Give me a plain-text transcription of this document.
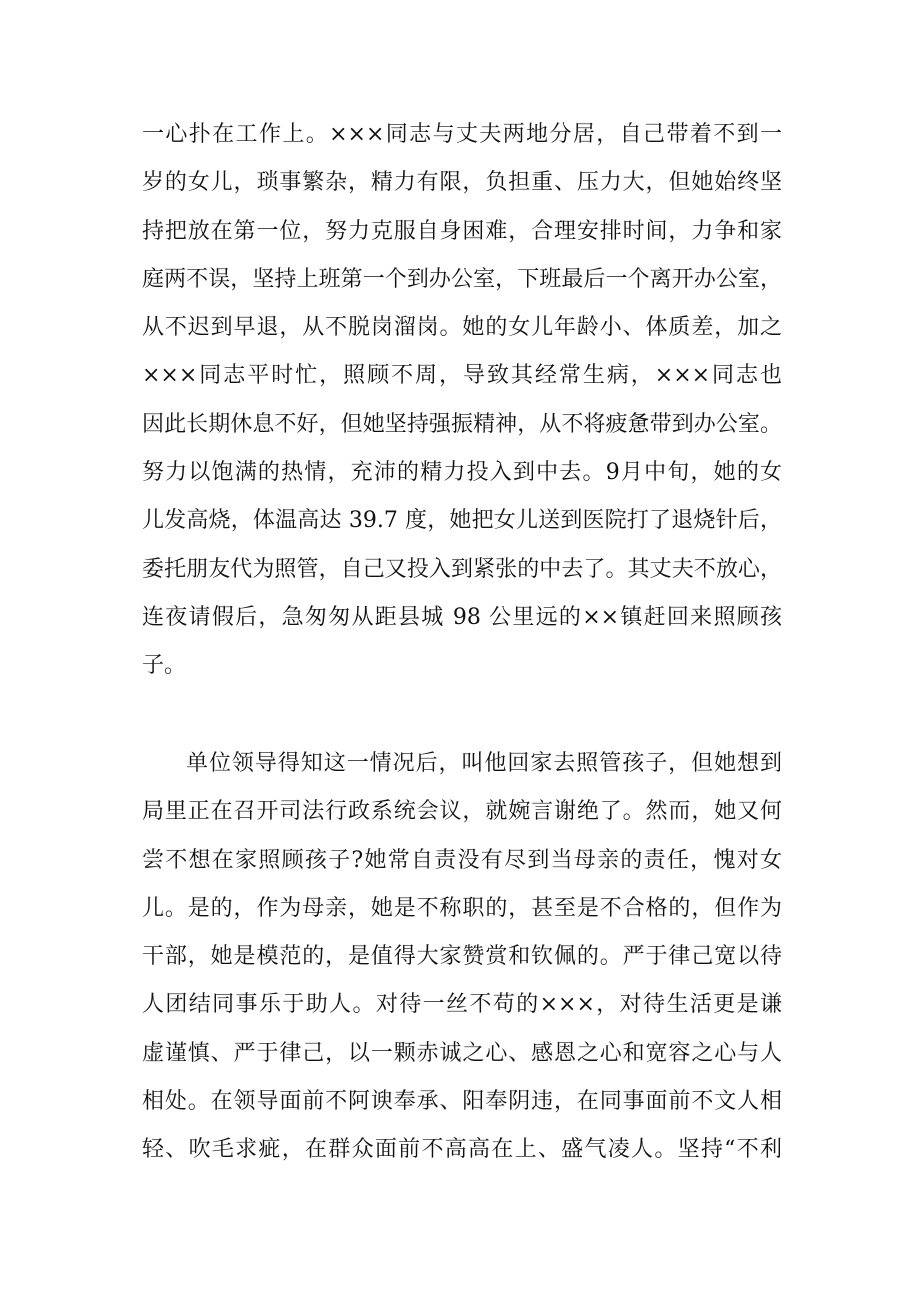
一心扑在工作上。×××同志与丈夫两地分居，自己带着不到一
岁的女儿，琐事繁杂，精力有限，负担重、压力大，但她始终坚
持把放在第一位，努力克服自身困难，合理安排时间，力争和家
庭两不误，坚持上班第一个到办公室，下班最后一个离开办公室，
从不迟到早退，从不脱岗溜岗。她的女儿年龄小、体质差，加之
×××同志平时忙，照顾不周，导致其经常生病，×××同志也
因此长期休息不好，但她坚持强振精神，从不将疲惫带到办公室。
努力以饱满的热情，充沛的精力投入到中去。9月中旬，她的女
儿发高烧，体温高达 39.7 度，她把女儿送到医院打了退烧针后，
委托朋友代为照管，自己又投入到紧张的中去了。其丈夫不放心，
连夜请假后，急匆匆从距县城 98 公里远的××镇赶回来照顾孩
子。
单位领导得知这一情况后，叫他回家去照管孩子，但她想到
局里正在召开司法行政系统会议，就婉言谢绝了。然而，她又何
尝不想在家照顾孩子?她常自责没有尽到当母亲的责任，愧对女
儿。是的，作为母亲，她是不称职的，甚至是不合格的，但作为
干部，她是模范的，是值得大家赞赏和钦佩的。严于律己宽以待
人团结同事乐于助人。对待一丝不苟的×××，对待生活更是谦
虚谨慎、严于律己，以一颗赤诚之心、感恩之心和宽容之心与人
相处。在领导面前不阿谀奉承、阳奉阴违，在同事面前不文人相
轻、吹毛求疵，在群众面前不高高在上、盛气凌人。坚持“不利
